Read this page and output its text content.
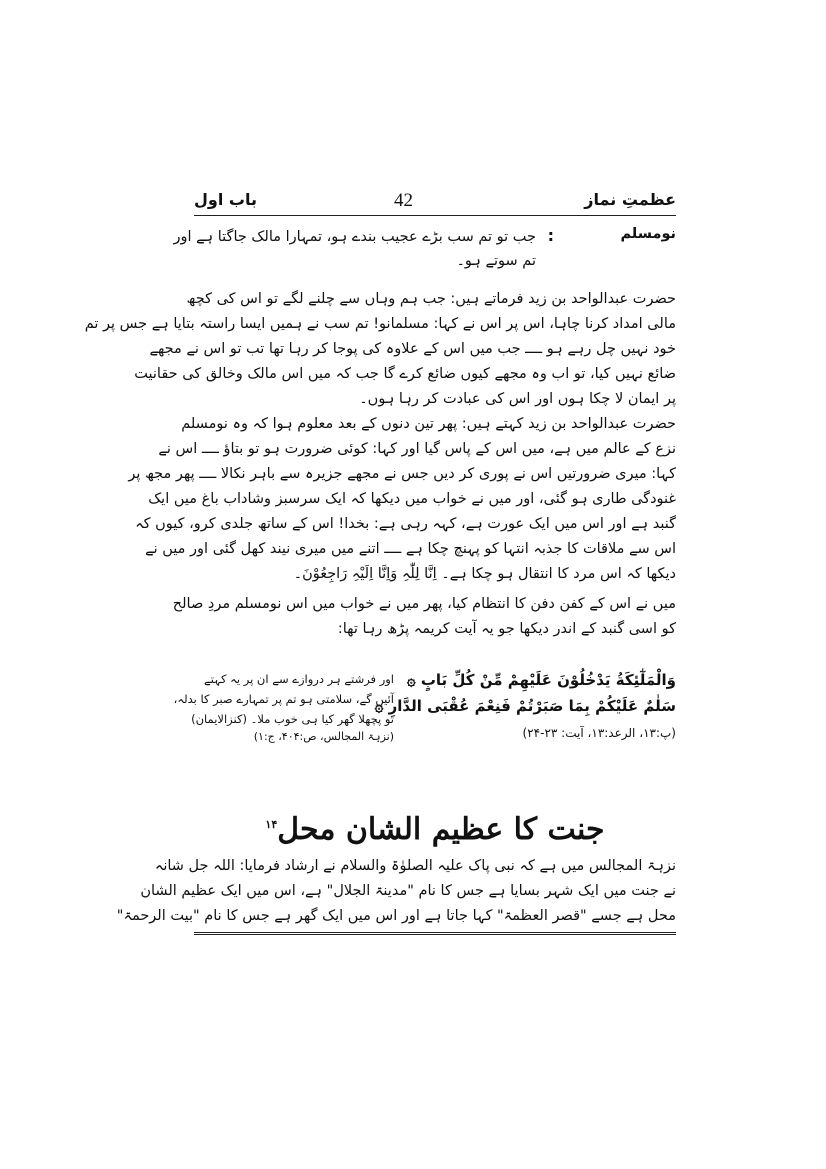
عظمتِ نماز
42
باب اول
نومسلم
:
جب تو تم سب بڑے عجیب بندے ہو، تمہارا مالک جاگتا ہے اور
تم سوتے ہو۔
حضرت عبدالواحد بن زید فرماتے ہیں: جب ہم وہاں سے چلنے لگے تو اس کی کچھ
مالی امداد کرنا چاہا، اس پر اس نے کہا: مسلمانو! تم سب نے ہمیں ایسا راستہ بتایا ہے جس پر تم
خود نہیں چل رہے ہو ــــ جب میں اس کے علاوہ کی پوجا کر رہا تھا تب تو اس نے مجھے
ضائع نہیں کیا، تو اب وہ مجھے کیوں ضائع کرے گا جب کہ میں اس مالک وخالق کی حقانیت
پر ایمان لا چکا ہوں اور اس کی عبادت کر رہا ہوں۔
حضرت عبدالواحد بن زید کہتے ہیں: پھر تین دنوں کے بعد معلوم ہوا کہ وہ نومسلم
نزع کے عالم میں ہے، میں اس کے پاس گیا اور کہا: کوئی ضرورت ہو تو بتاؤ ــــ اس نے
کہا: میری ضرورتیں اس نے پوری کر دیں جس نے مجھے جزیرہ سے باہر نکالا ــــ پھر مجھ پر
غنودگی طاری ہو گئی، اور میں نے خواب میں دیکھا کہ ایک سرسبز وشاداب باغ میں ایک
گنبد ہے اور اس میں ایک عورت ہے، کہہ رہی ہے: بخدا! اس کے ساتھ جلدی کرو، کیوں کہ
اس سے ملاقات کا جذبہ انتہا کو پہنچ چکا ہے ــــ اتنے میں میری نیند کھل گئی اور میں نے
دیکھا کہ اس مرد کا انتقال ہو چکا ہے۔ اِنَّا لِلّٰہِ وَاِنَّا اِلَیْہِ رَاجِعُوْنَ۔
میں نے اس کے کفن دفن کا انتظام کیا، پھر میں نے خواب میں اس نومسلم مردِ صالح
کو اسی گنبد کے اندر دیکھا جو یہ آیت کریمہ پڑھ رہا تھا:
وَالْمَلٰٓئِكَةُ يَدْخُلُوْنَ عَلَيْهِمْ مِّنْ كُلِّ بَابٍ ۞
سَلٰمٌ عَلَيْكُمْ بِمَا صَبَرْتُمْ فَنِعْمَ عُقْبَى الدَّارِ ۞
(پ:۱۳، الرعد:۱۳، آیت: ۲۳-۲۴)
اور فرشتے ہر دروازے سے ان پر یہ کہتے
آئیں گے، سلامتی ہو تم پر تمہارے صبر کا بدلہ،
تو پچھلا گھر کیا ہی خوب ملا۔ (کنزالایمان)
(نزہۃ المجالس، ص:۴۰۴، ج:۱)
جنت کا عظیم الشان محل$^{۱۴}$
نزہۃ المجالس میں ہے کہ نبی پاک علیہ الصلوٰۃ والسلام نے ارشاد فرمایا: اللہ جل شانہ
نے جنت میں ایک شہر بسایا ہے جس کا نام "مدینۃ الجلال" ہے، اس میں ایک عظیم الشان
محل ہے جسے "قصر العظمۃ" کہا جاتا ہے اور اس میں ایک گھر ہے جس کا نام "بیت الرحمۃ"
